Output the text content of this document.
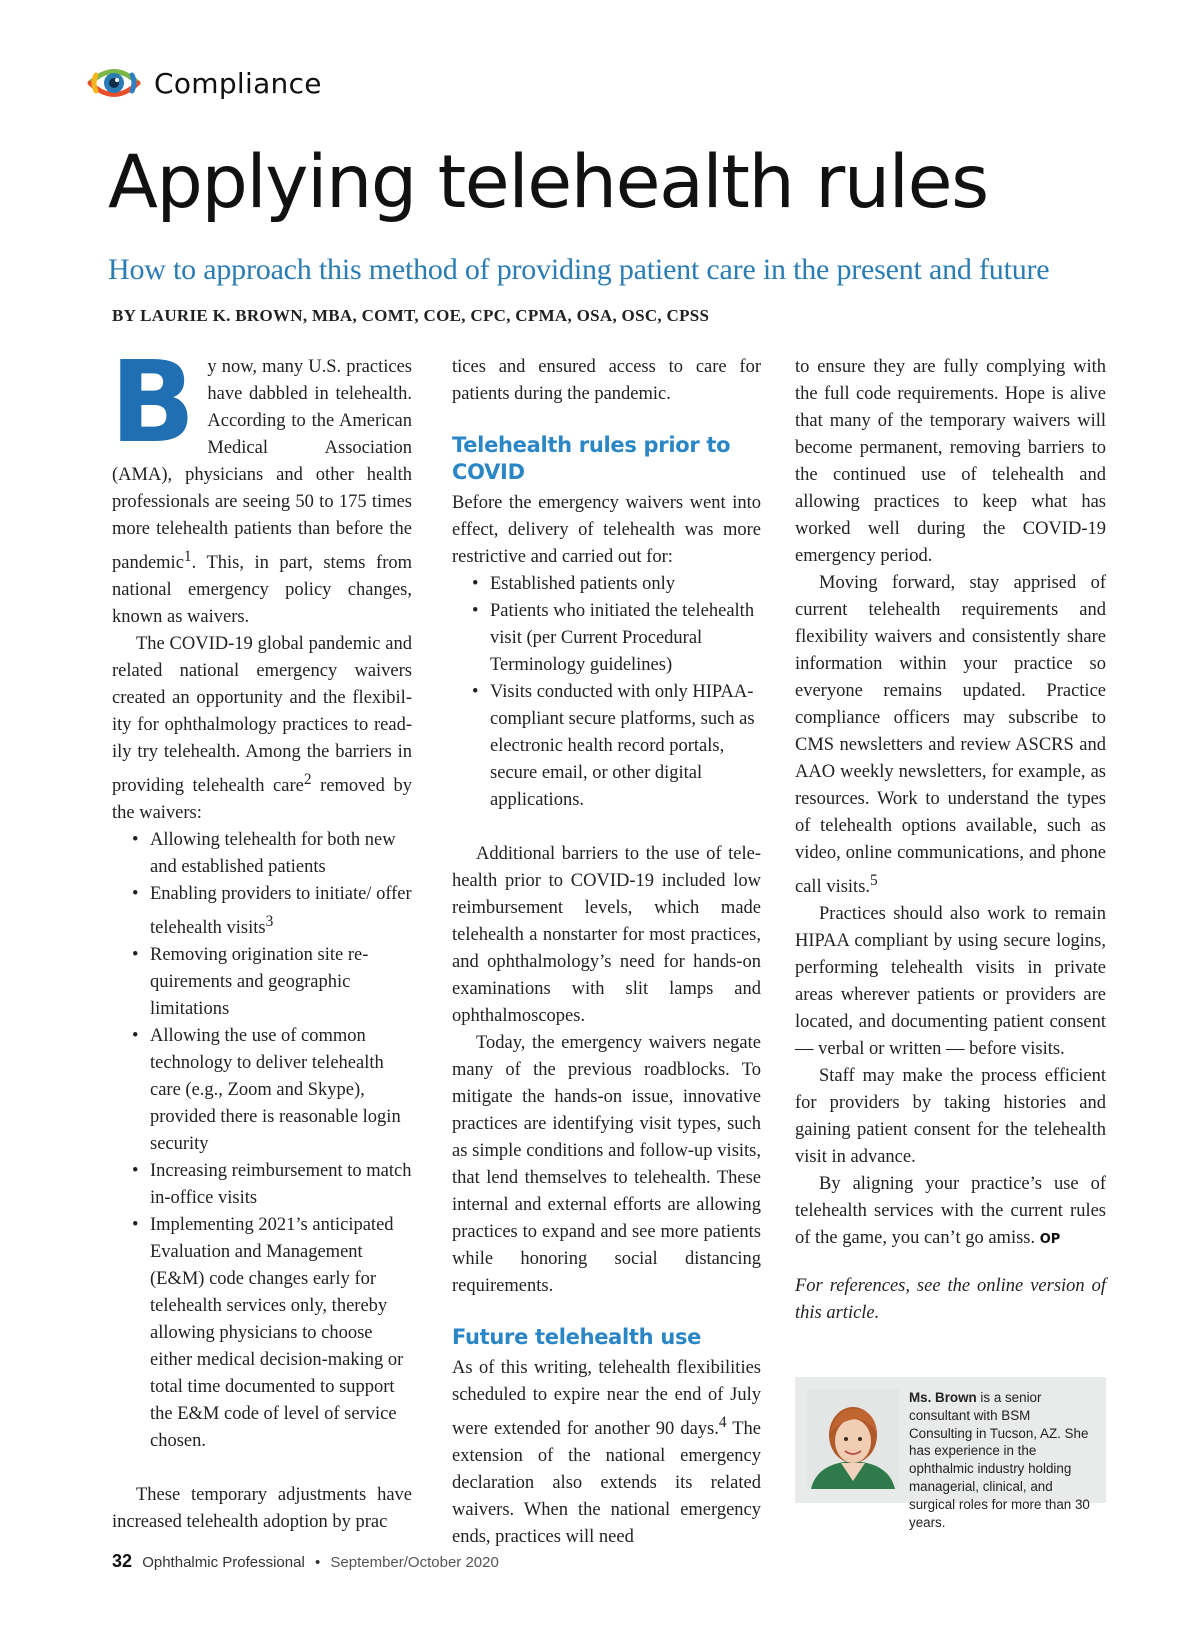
Compliance
Applying telehealth rules
How to approach this method of providing patient care in the present and future
BY LAURIE K. BROWN, MBA, COMT, COE, CPC, CPMA, OSA, OSC, CPSS

By now, many U.S. practices have dabbled in telehealth. According to the American Medical Association (AMA), physicians and other health professionals are seeing 50 to 175 times more telehealth patients than before the pandemic$^1$. This, in part, stems from national emergency policy changes, known as waivers.

The COVID-19 global pandemic and related national emergency waivers created an opportunity and the flexibility for ophthalmology practices to readily try telehealth. Among the barriers in providing telehealth care$^2$ removed by the waivers:

• Allowing telehealth for both new and established patients
• Enabling providers to initiate/ offer telehealth visits$^3$
• Removing origination site requirements and geographic limitations
• Allowing the use of common technology to deliver telehealth care (e.g., Zoom and Skype), provided there is reasonable login security
• Increasing reimbursement to match in-office visits
• Implementing 2021’s anticipated Evaluation and Management (E&M) code changes early for telehealth services only, thereby allowing physicians to choose either medical decision-making or total time documented to support the E&M code of level of service chosen.

These temporary adjustments have increased telehealth adoption by prac

tices and ensured access to care for patients during the pandemic.

Telehealth rules prior to COVID

Before the emergency waivers went into effect, delivery of telehealth was more restrictive and carried out for:

• Established patients only
• Patients who initiated the telehealth visit (per Current Procedural Terminology guidelines)
• Visits conducted with only HIPAA-compliant secure platforms, such as electronic health record portals, secure email, or other digital applications.

Additional barriers to the use of telehealth prior to COVID-19 included low reimbursement levels, which made telehealth a nonstarter for most practices, and ophthalmology’s need for hands-on examinations with slit lamps and ophthalmoscopes.

Today, the emergency waivers negate many of the previous roadblocks. To mitigate the hands-on issue, innovative practices are identifying visit types, such as simple conditions and follow-up visits, that lend themselves to telehealth. These internal and external efforts are allowing practices to expand and see more patients while honoring social distancing requirements.

Future telehealth use

As of this writing, telehealth flexibilities scheduled to expire near the end of July were extended for another 90 days.$^4$ The extension of the national emergency declaration also extends its related waivers. When the national emergency ends, practices will need

to ensure they are fully complying with the full code requirements. Hope is alive that many of the temporary waivers will become permanent, removing barriers to the continued use of telehealth and allowing practices to keep what has worked well during the COVID-19 emergency period.

Moving forward, stay apprised of current telehealth requirements and flexibility waivers and consistently share information within your practice so everyone remains updated. Practice compliance officers may subscribe to CMS newsletters and review ASCRS and AAO weekly newsletters, for example, as resources. Work to understand the types of telehealth options available, such as video, online communications, and phone call visits.$^5$

Practices should also work to remain HIPAA compliant by using secure logins, performing telehealth visits in private areas wherever patients or providers are located, and documenting patient consent — verbal or written — before visits.

Staff may make the process efficient for providers by taking histories and gaining patient consent for the telehealth visit in advance.

By aligning your practice’s use of telehealth services with the current rules of the game, you can’t go amiss. OP

For references, see the online version of this article.

Ms. Brown is a senior consultant with BSM Consulting in Tucson, AZ. She has experience in the ophthalmic industry holding managerial, clinical, and surgical roles for more than 30 years.
32 Ophthalmic Professional • September/October 2020
